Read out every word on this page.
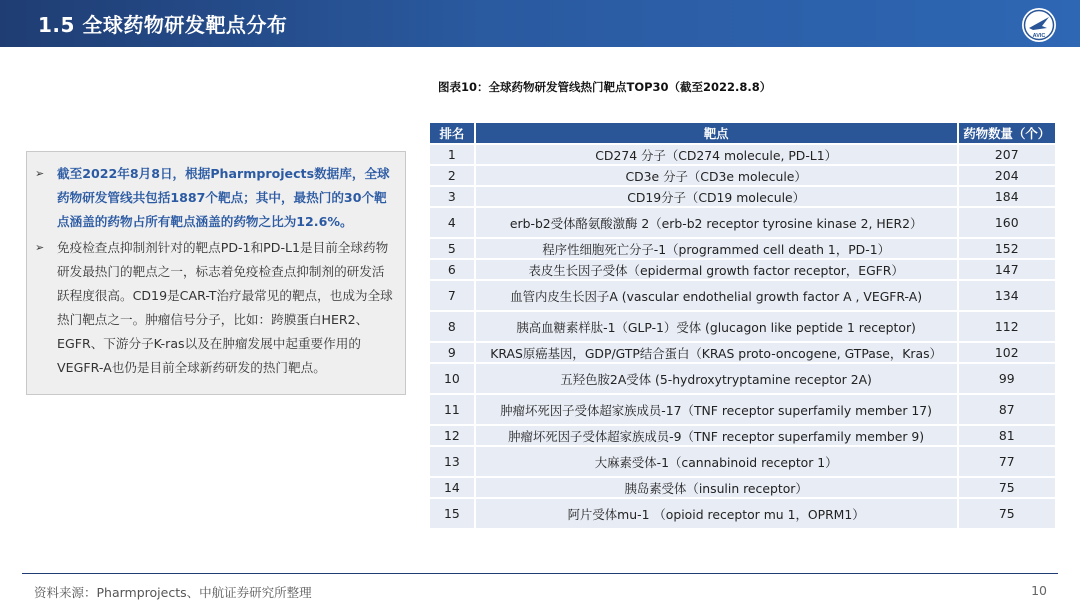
1.5 全球药物研发靶点分布	AVIC
图表10：全球药物研发管线热门靶点TOP30（截至2022.8.8）
➢	截至2022年8月8日，根据Pharmprojects数据库，全球药物研发管线共包括1887个靶点；其中，最热门的30个靶点涵盖的药物占所有靶点涵盖的药物之比为12.6%。
➢	免疫检查点抑制剂针对的靶点PD-1和PD-L1是目前全球药物研发最热门的靶点之一，标志着免疫检查点抑制剂的研发活跃程度很高。CD19是CAR-T治疗最常见的靶点，也成为全球热门靶点之一。肿瘤信号分子，比如：跨膜蛋白HER2、EGFR、下游分子K-ras以及在肿瘤发展中起重要作用的VEGFR-A也仍是目前全球新药研发的热门靶点。
排名	靶点	药物数量（个）
1	CD274 分子（CD274 molecule, PD-L1）	207
2	CD3e 分子（CD3e molecule）	204
3	CD19分子（CD19 molecule）	184
4	erb-b2受体酪氨酸激酶 2（erb-b2 receptor tyrosine kinase 2, HER2）	160
5	程序性细胞死亡分子-1（programmed cell death 1，PD-1）	152
6	表皮生长因子受体（epidermal growth factor receptor，EGFR）	147
7	血管内皮生长因子A (vascular endothelial growth factor A , VEGFR-A)	134
8	胰高血糖素样肽-1（GLP-1）受体 (glucagon like peptide 1 receptor)	112
9	KRAS原癌基因，GDP/GTP结合蛋白（KRAS proto-oncogene, GTPase，Kras）	102
10	五羟色胺2A受体 (5-hydroxytryptamine receptor 2A)	99
11	肿瘤坏死因子受体超家族成员-17（TNF receptor superfamily member 17)	87
12	肿瘤坏死因子受体超家族成员-9（TNF receptor superfamily member 9)	81
13	大麻素受体-1（cannabinoid receptor 1）	77
14	胰岛素受体（insulin receptor）	75
15	阿片受体mu-1 （opioid receptor mu 1，OPRM1）	75
资料来源：Pharmprojects、中航证券研究所整理	10
